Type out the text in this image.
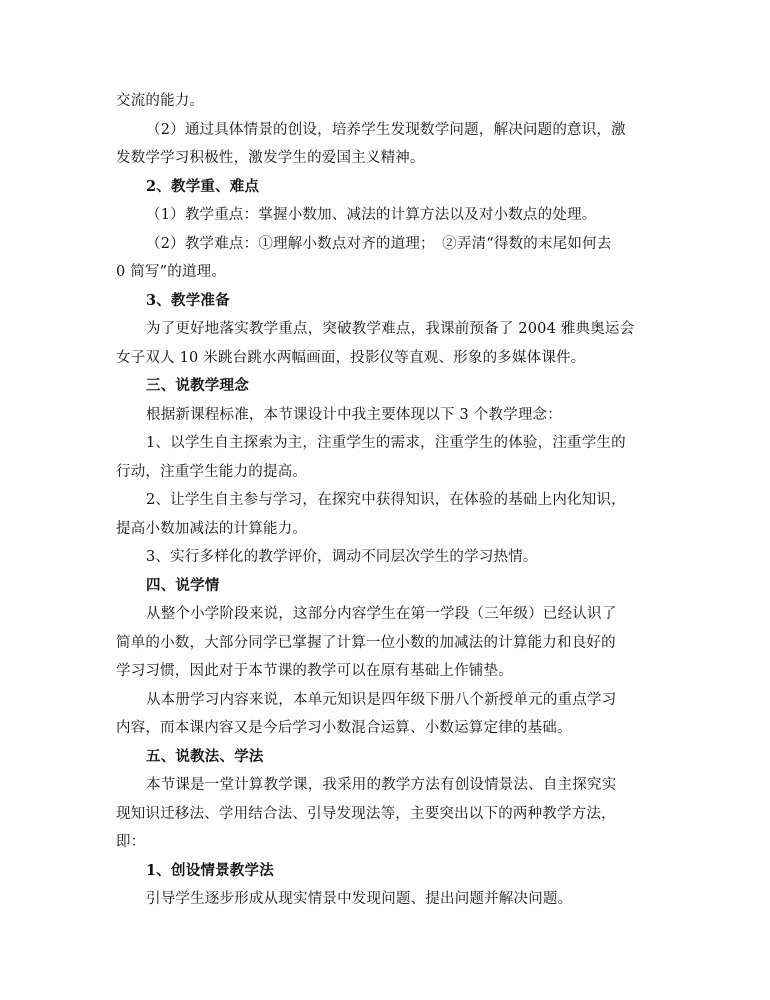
交流的能力。
（2）通过具体情景的创设，培养学生发现数学问题，解决问题的意识，激
发数学学习积极性，激发学生的爱国主义精神。
2、教学重、难点
（1）教学重点：掌握小数加、减法的计算方法以及对小数点的处理。
（2）教学难点：①理解小数点对齐的道理；　②弄清“得数的末尾如何去
0 简写”的道理。
3、教学准备
为了更好地落实教学重点，突破教学难点，我课前预备了 2004 雅典奥运会
女子双人 10 米跳台跳水两幅画面，投影仪等直观、形象的多媒体课件。
三、说教学理念
根据新课程标准，本节课设计中我主要体现以下 3 个教学理念：
1、以学生自主探索为主，注重学生的需求，注重学生的体验，注重学生的
行动，注重学生能力的提高。
2、让学生自主参与学习，在探究中获得知识，在体验的基础上内化知识，
提高小数加减法的计算能力。
3、实行多样化的教学评价，调动不同层次学生的学习热情。
四、说学情
从整个小学阶段来说，这部分内容学生在第一学段（三年级）已经认识了
简单的小数，大部分同学已掌握了计算一位小数的加减法的计算能力和良好的
学习习惯，因此对于本节课的教学可以在原有基础上作铺垫。
从本册学习内容来说，本单元知识是四年级下册八个新授单元的重点学习
内容，而本课内容又是今后学习小数混合运算、小数运算定律的基础。
五、说教法、学法
本节课是一堂计算教学课，我采用的教学方法有创设情景法、自主探究实
现知识迁移法、学用结合法、引导发现法等，主要突出以下的两种教学方法，
即：
1、创设情景教学法
引导学生逐步形成从现实情景中发现问题、提出问题并解决问题。
